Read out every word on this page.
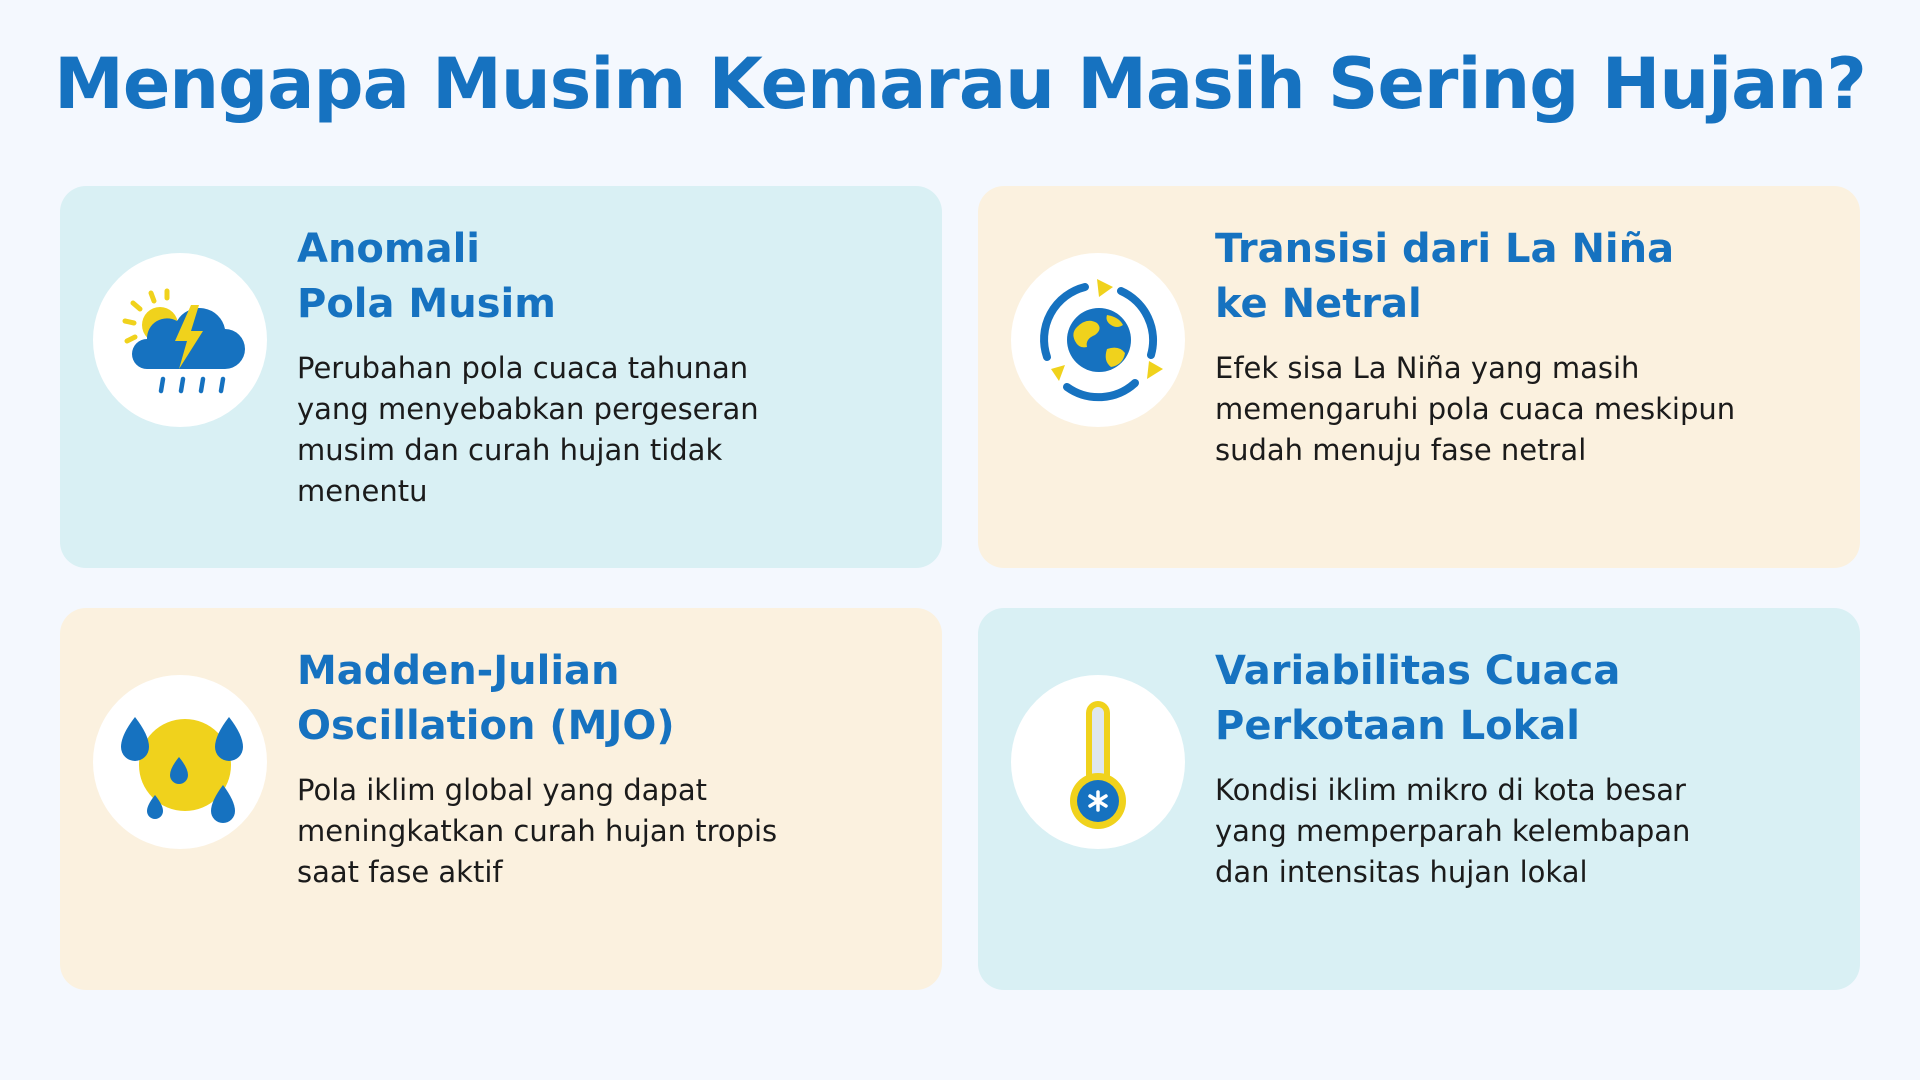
Mengapa Musim Kemarau Masih Sering Hujan?
Anomali
Pola Musim
Perubahan pola cuaca tahunan
yang menyebabkan pergeseran
musim dan curah hujan tidak
menentu
Transisi dari La Niña
ke Netral
Efek sisa La Niña yang masih
memengaruhi pola cuaca meskipun
sudah menuju fase netral
Madden-Julian
Oscillation (MJO)
Pola iklim global yang dapat
meningkatkan curah hujan tropis
saat fase aktif
Variabilitas Cuaca
Perkotaan Lokal
Kondisi iklim mikro di kota besar
yang memperparah kelembapan
dan intensitas hujan lokal
